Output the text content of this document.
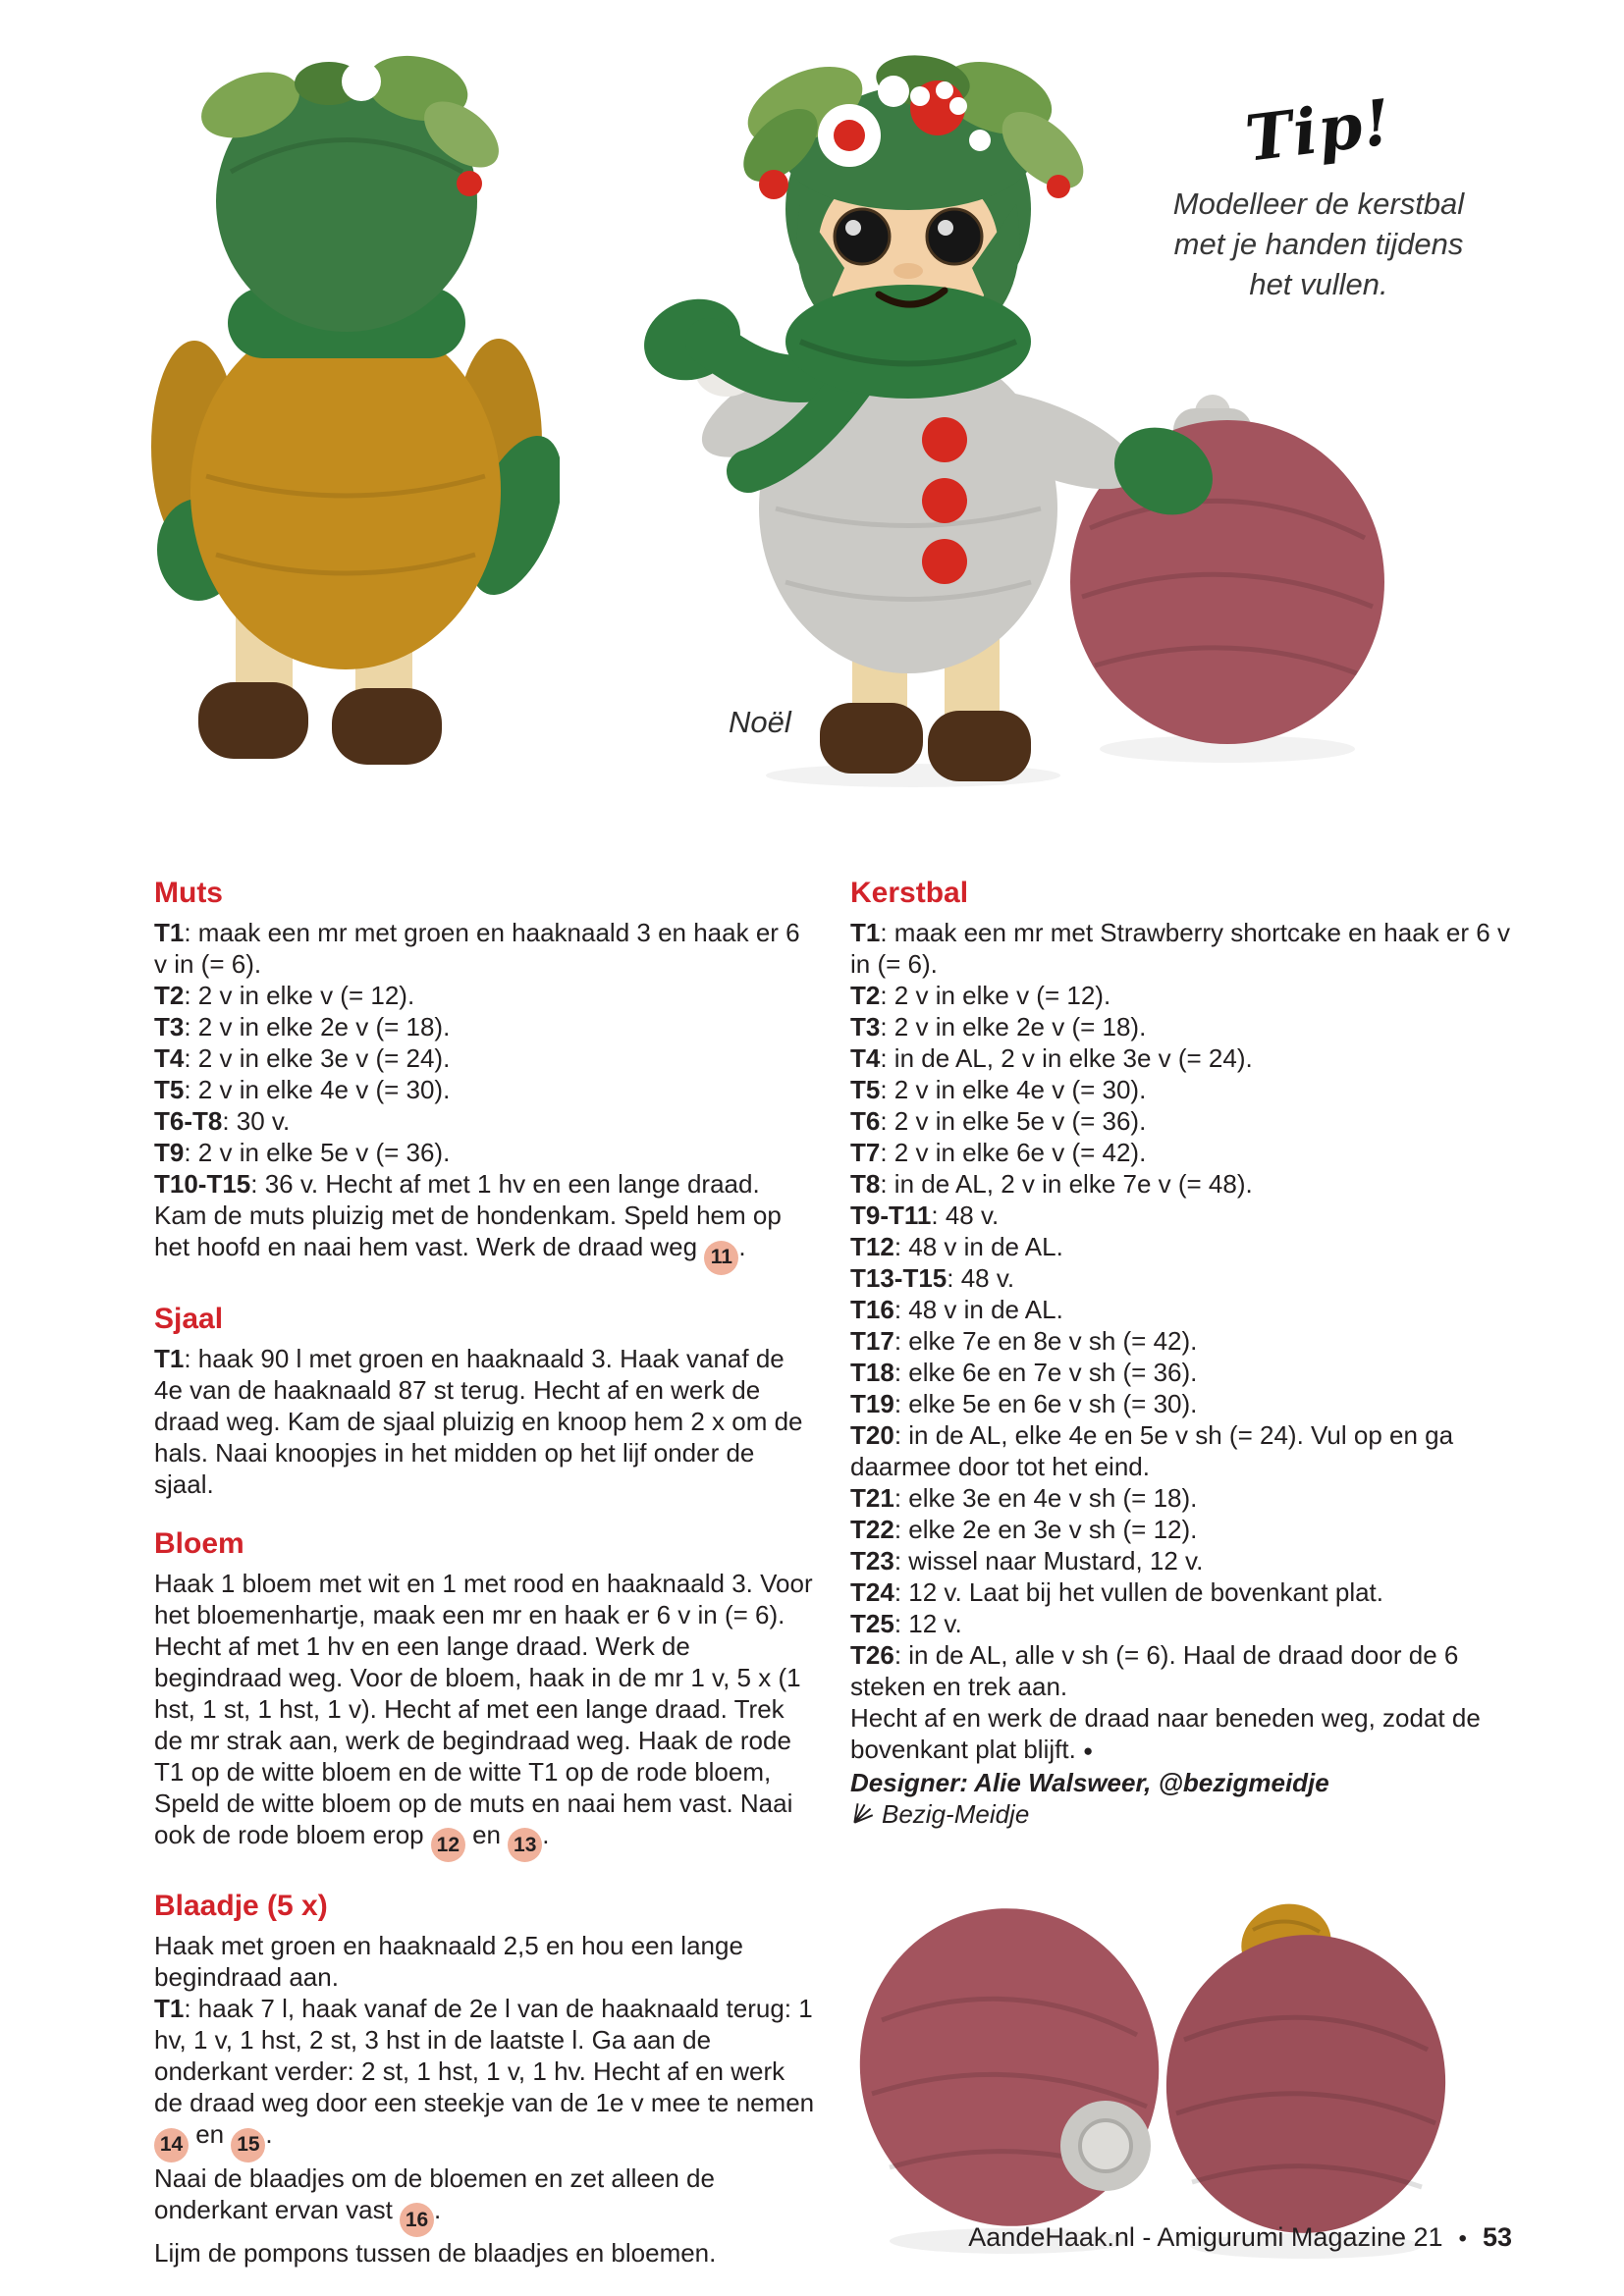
Noël
Tip!
Modelleer de kerstbal met je handen tijdens het vullen.
Muts

T1: maak een mr met groen en haaknaald 3 en haak er 6 v in (= 6).

T2: 2 v in elke v (= 12).

T3: 2 v in elke 2e v (= 18).

T4: 2 v in elke 3e v (= 24).

T5: 2 v in elke 4e v (= 30).

T6-T8: 30 v.

T9: 2 v in elke 5e v (= 36).

T10-T15: 36 v. Hecht af met 1 hv en een lange draad.

Kam de muts pluizig met de hondenkam. Speld hem op het hoofd en naai hem vast. Werk de draad weg 11 .

Sjaal

T1: haak 90 l met groen en haaknaald 3. Haak vanaf de 4e van de haaknaald 87 st terug. Hecht af en werk de draad weg. Kam de sjaal pluizig en knoop hem 2 x om de hals. Naai knoopjes in het midden op het lijf onder de sjaal.

Bloem

Haak 1 bloem met wit en 1 met rood en haaknaald 3. Voor het bloemenhartje, maak een mr en haak er 6 v in (= 6). Hecht af met 1 hv en een lange draad. Werk de begindraad weg. Voor de bloem, haak in de mr 1 v, 5 x (1 hst, 1 st, 1 hst, 1 v). Hecht af met een lange draad. Trek de mr strak aan, werk de begindraad weg. Haak de rode T1 op de witte bloem en de witte T1 op de rode bloem, Speld de witte bloem op de muts en naai hem vast. Naai ook de rode bloem erop 12 en 13 .

Blaadje (5 x)

Haak met groen en haaknaald 2,5 en hou een lange begindraad aan.

T1: haak 7 l, haak vanaf de 2e l van de haaknaald terug: 1 hv, 1 v, 1 hst, 2 st, 3 hst in de laatste l. Ga aan de onderkant verder: 2 st, 1 hst, 1 v, 1 hv. Hecht af en werk de draad weg door een steekje van de 1e v mee te nemen 14 en 15 .

Naai de blaadjes om de bloemen en zet alleen de onderkant ervan vast 16 .

Lijm de pompons tussen de blaadjes en bloemen.

Kerstbal

T1: maak een mr met Strawberry shortcake en haak er 6 v in (= 6).

T2: 2 v in elke v (= 12).

T3: 2 v in elke 2e v (= 18).

T4: in de AL, 2 v in elke 3e v (= 24).

T5: 2 v in elke 4e v (= 30).

T6: 2 v in elke 5e v (= 36).

T7: 2 v in elke 6e v (= 42).

T8: in de AL, 2 v in elke 7e v (= 48).

T9-T11: 48 v.

T12: 48 v in de AL.

T13-T15: 48 v.

T16: 48 v in de AL.

T17: elke 7e en 8e v sh (= 42).

T18: elke 6e en 7e v sh (= 36).

T19: elke 5e en 6e v sh (= 30).

T20: in de AL, elke 4e en 5e v sh (= 24). Vul op en ga daarmee door tot het eind.

T21: elke 3e en 4e v sh (= 18).

T22: elke 2e en 3e v sh (= 12).

T23: wissel naar Mustard, 12 v.

T24: 12 v. Laat bij het vullen de bovenkant plat.

T25: 12 v.

T26: in de AL, alle v sh (= 6). Haal de draad door de 6 steken en trek aan.

Hecht af en werk de draad naar beneden weg, zodat de bovenkant plat blijft. ●

Designer: Alie Walsweer, @bezigmeidje

Bezig-Meidje

AandeHaak.nl - Amigurumi Magazine 21 • 53
